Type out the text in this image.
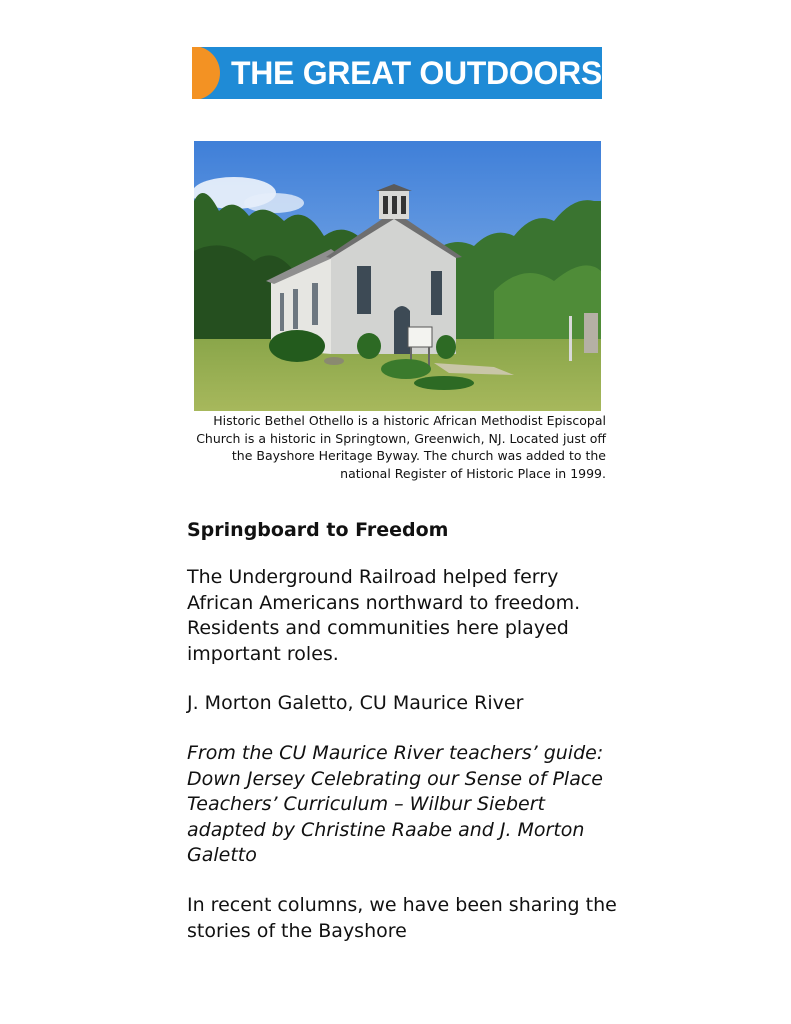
THE GREAT OUTDOORS
Historic Bethel Othello is a historic African Methodist Episcopal Church is a historic in Springtown, Greenwich, NJ. Located just off the Bayshore Heritage Byway. The church was added to the national Register of Historic Place in 1999.
Springboard to Freedom

The Underground Railroad helped ferry African Americans northward to freedom. Residents and communities here played important roles.

J. Morton Galetto, CU Maurice River

From the CU Maurice River teachers’ guide: Down Jersey Celebrating our Sense of Place Teachers’ Curriculum – Wilbur Siebert adapted by Christine Raabe and J. Morton Galetto

In recent columns, we have been sharing the stories of the Bayshore
